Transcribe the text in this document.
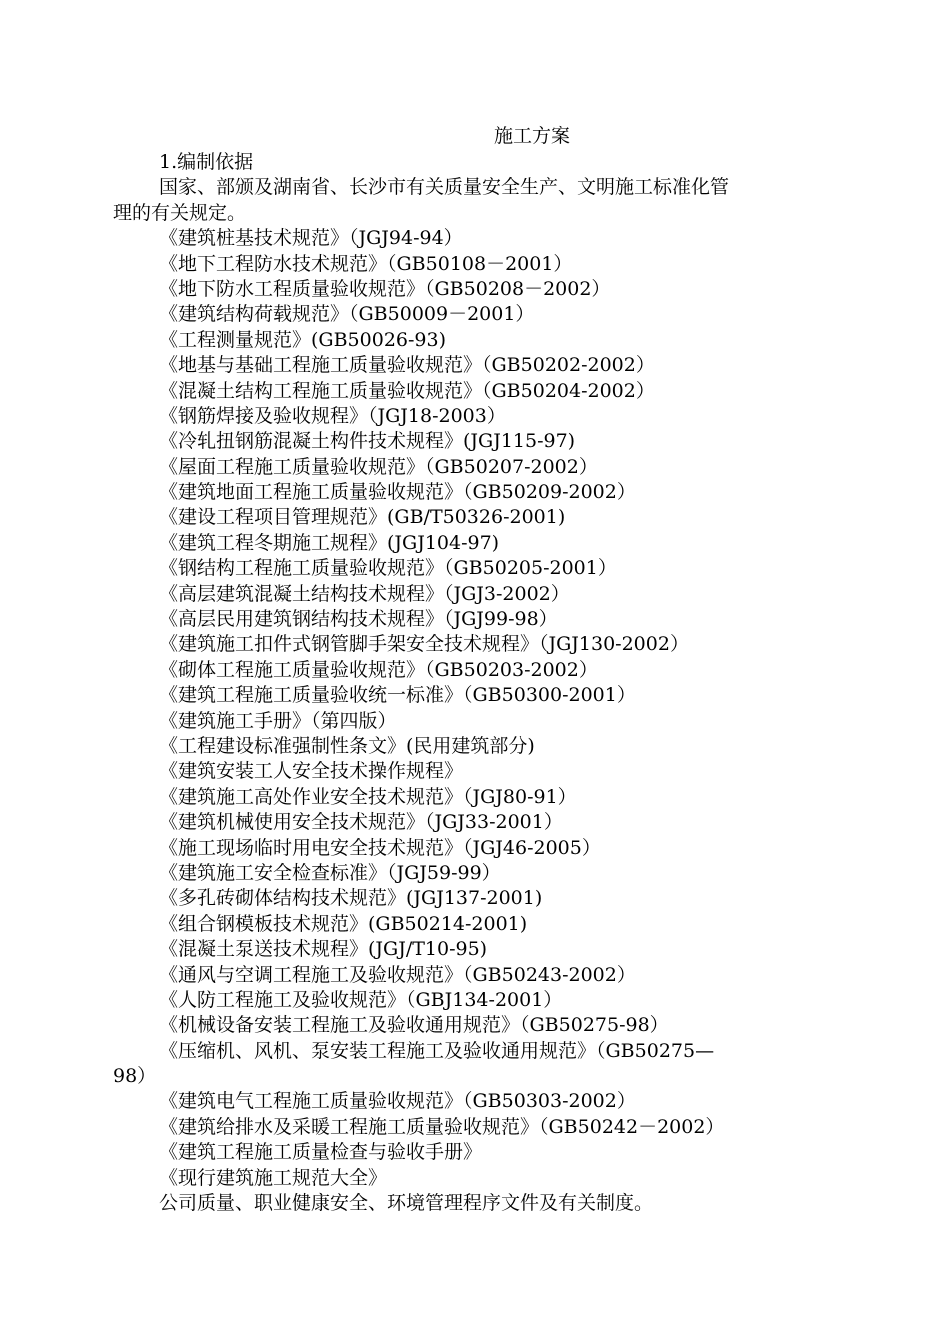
施工方案
1.编制依据
国家、部颁及湖南省、长沙市有关质量安全生产、文明施工标准化管
理的有关规定。
《建筑桩基技术规范》（JGJ94-94）
《地下工程防水技术规范》（GB50108－2001）
《地下防水工程质量验收规范》（GB50208－2002）
《建筑结构荷载规范》（GB50009－2001）
《工程测量规范》(GB50026-93)
《地基与基础工程施工质量验收规范》（GB50202-2002）
《混凝土结构工程施工质量验收规范》（GB50204-2002）
《钢筋焊接及验收规程》（JGJ18-2003）
《冷轧扭钢筋混凝土构件技术规程》(JGJ115-97)
《屋面工程施工质量验收规范》（GB50207-2002）
《建筑地面工程施工质量验收规范》（GB50209-2002）
《建设工程项目管理规范》(GB/T50326-2001)
《建筑工程冬期施工规程》(JGJ104-97)
《钢结构工程施工质量验收规范》（GB50205-2001）
《高层建筑混凝土结构技术规程》（JGJ3-2002）
《高层民用建筑钢结构技术规程》（JGJ99-98）
《建筑施工扣件式钢管脚手架安全技术规程》（JGJ130-2002）
《砌体工程施工质量验收规范》（GB50203-2002）
《建筑工程施工质量验收统一标准》（GB50300-2001）
《建筑施工手册》（第四版）
《工程建设标准强制性条文》(民用建筑部分)
《建筑安装工人安全技术操作规程》
《建筑施工高处作业安全技术规范》（JGJ80-91）
《建筑机械使用安全技术规范》（JGJ33-2001）
《施工现场临时用电安全技术规范》（JGJ46-2005）
《建筑施工安全检查标准》（JGJ59-99）
《多孔砖砌体结构技术规范》(JGJ137-2001)
《组合钢模板技术规范》(GB50214-2001)
《混凝土泵送技术规程》(JGJ/T10-95)
《通风与空调工程施工及验收规范》（GB50243-2002）
《人防工程施工及验收规范》（GBJ134-2001）
《机械设备安装工程施工及验收通用规范》（GB50275-98）
《压缩机、风机、泵安装工程施工及验收通用规范》（GB50275—
98）
《建筑电气工程施工质量验收规范》（GB50303-2002）
《建筑给排水及采暖工程施工质量验收规范》（GB50242－2002）
《建筑工程施工质量检查与验收手册》
《现行建筑施工规范大全》
公司质量、职业健康安全、环境管理程序文件及有关制度。
